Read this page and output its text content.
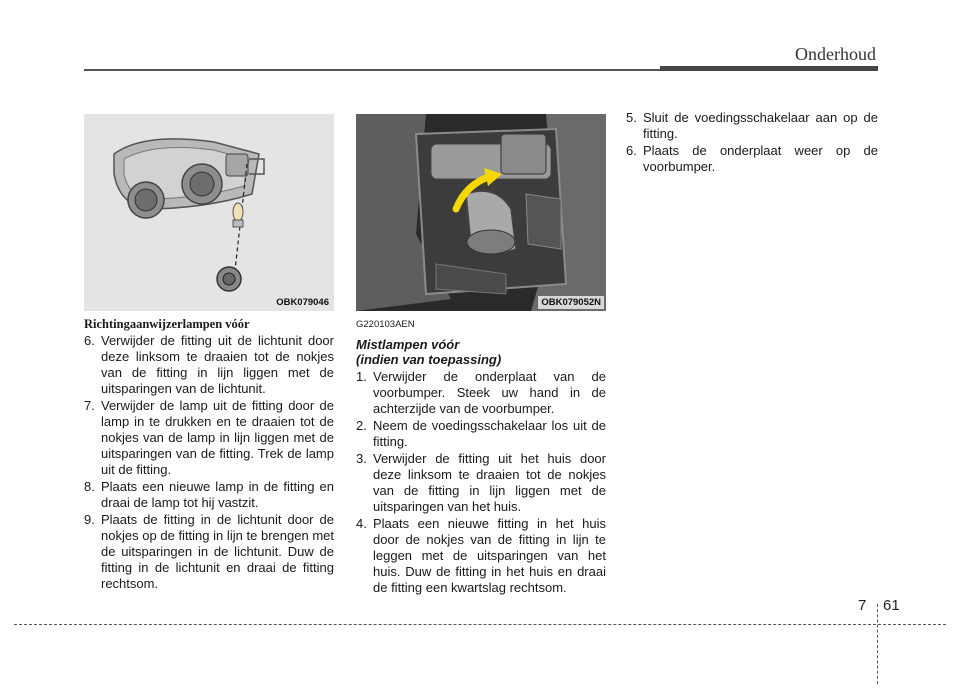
Onderhoud
OBK079046	OBK079052N
Richtingaanwijzerlampen vóór
6. Verwijder de fitting uit de lichtunit door deze linksom te draaien tot de nokjes van de fitting in lijn liggen met de uitsparingen van de lichtunit.
7. Verwijder de lamp uit de fitting door de lamp in te drukken en te draaien tot de nokjes van de lamp in lijn liggen met de uitsparingen van de fitting. Trek de lamp uit de fitting.
8. Plaats een nieuwe lamp in de fitting en draai de lamp tot hij vastzit.
9. Plaats de fitting in de lichtunit door de nokjes op de fitting in lijn te brengen met de uitsparingen in de lichtunit. Duw de fitting in de lichtunit en draai de fitting rechtsom.
G220103AEN
Mistlampen vóór
(indien van toepassing)
1. Verwijder de onderplaat van de voorbumper. Steek uw hand in de achterzijde van de voorbumper.
2. Neem de voedingsschakelaar los uit de fitting.
3. Verwijder de fitting uit het huis door deze linksom te draaien tot de nokjes van de fitting in lijn liggen met de uitsparingen van het huis.
4. Plaats een nieuwe fitting in het huis door de nokjes van de fitting in lijn te leggen met de uitsparingen van het huis. Duw de fitting in het huis en draai de fitting een kwartslag rechtsom.
5. Sluit de voedingsschakelaar aan op de fitting.
6. Plaats de onderplaat weer op de voorbumper.
7 61
